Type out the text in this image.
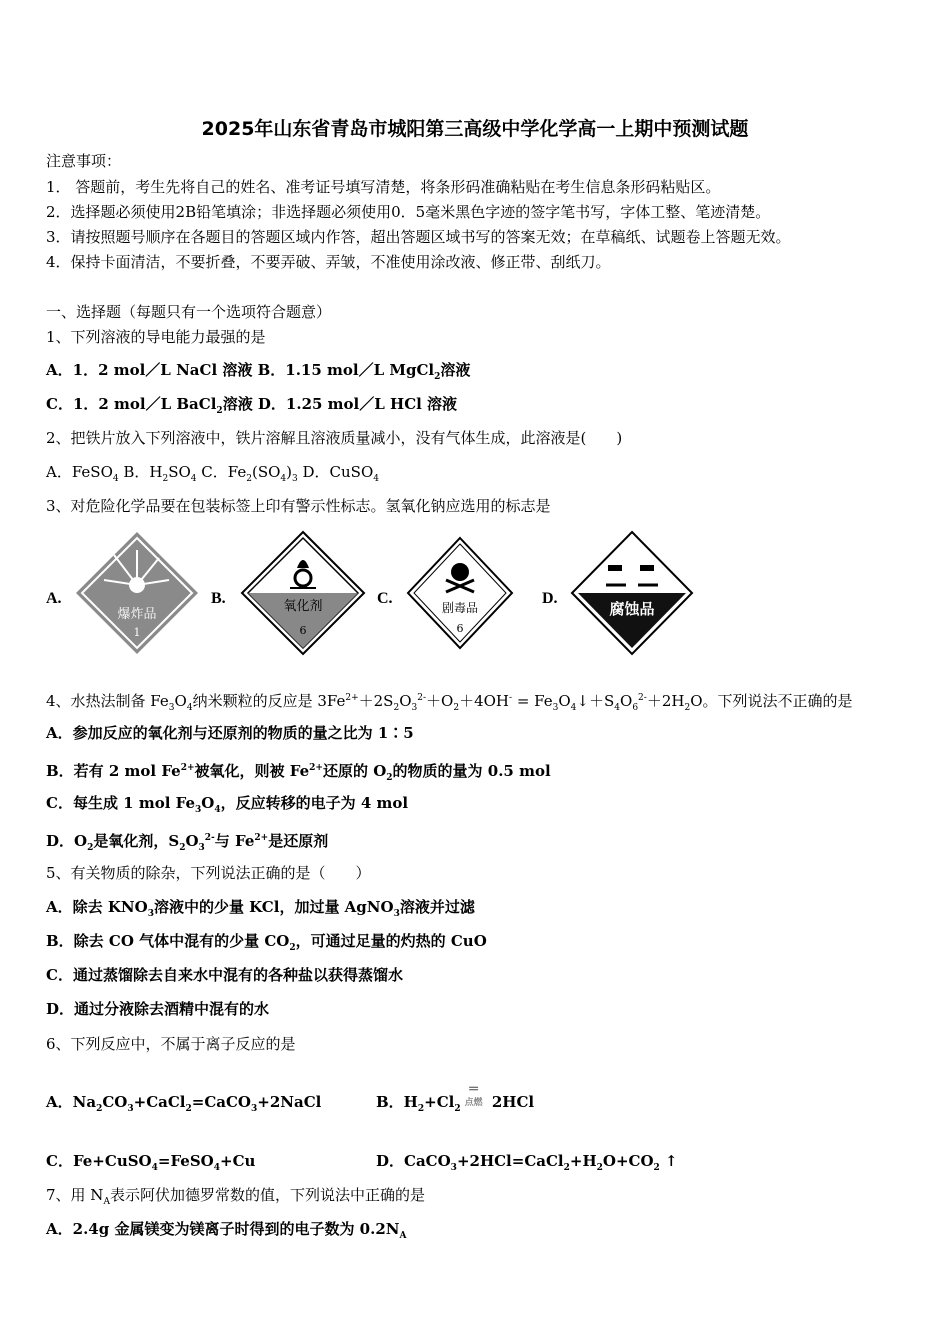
2025年山东省青岛市城阳第三高级中学化学高一上期中预测试题
注意事项：
1． 答题前，考生先将自己的姓名、准考证号填写清楚，将条形码准确粘贴在考生信息条形码粘贴区。
2．选择题必须使用2B铅笔填涂；非选择题必须使用0．5毫米黑色字迹的签字笔书写，字体工整、笔迹清楚。
3．请按照题号顺序在各题目的答题区域内作答，超出答题区域书写的答案无效；在草稿纸、试题卷上答题无效。
4．保持卡面清洁，不要折叠，不要弄破、弄皱，不准使用涂改液、修正带、刮纸刀。
一、选择题（每题只有一个选项符合题意）
1、下列溶液的导电能力最强的是
A．1．2 mol／L NaCl 溶液 B．1.15 mol／L MgCl$_2$溶液
C．1．2 mol／L BaCl$_2$溶液 D．1.25 mol／L HCl 溶液
2、把铁片放入下列溶液中，铁片溶解且溶液质量减小，没有气体生成，此溶液是(　　)
A．FeSO$_4$ B．$H_2SO_4$ C．$Fe_2(SO_4)_3$ D．CuSO$_4$
3、对危险化学品要在包装标签上印有警示性标志。氢氧化钠应选用的标志是
4、水热法制备 $Fe_3O_4$纳米颗粒的反应是 $3Fe^{2+}+2S_2O_3^{2-}+O_2+4OH^-$ = $Fe_3O_4↓+S_4O_6^{2-}+2H_2O$。下列说法不正确的是
A．参加反应的氧化剂与还原剂的物质的量之比为 1∶5
B．若有 2 mol $Fe^{2+}$被氧化，则被 $Fe^{2+}$还原的 $O_2$的物质的量为 0.5 mol
C．每生成 1 mol $Fe_3O_4$，反应转移的电子为 4 mol
D．$O_2$是氧化剂，$S_2O_3^{2-}$与 $Fe^{2+}$是还原剂
5、有关物质的除杂，下列说法正确的是（　　）
A．除去 $KNO_3$溶液中的少量 KCl，加过量 AgNO$_3$溶液并过滤
B．除去 CO 气体中混有的少量 $CO_2$，可通过足量的灼热的 CuO
C．通过蒸馏除去自来水中混有的各种盐以获得蒸馏水
D．通过分液除去酒精中混有的水
6、下列反应中，不属于离子反应的是
A．$Na_2CO_3+CaCl_2=CaCO_3+2NaCl$	B．$H_2+Cl_2$
＝
点燃 2HCl
C．Fe+CuSO$_4$=FeSO$_4$+Cu	D．$CaCO_3+2HCl=CaCl_2+H_2O+CO_2$ ↑
7、用 $N_A$表示阿伏加德罗常数的值，下列说法中正确的是
A．2.4g 金属镁变为镁离子时得到的电子数为 $0.2N_A$
A.
爆炸品
1
B.	氧化剂
6
C.
剧毒品
6
D.
腐蚀品
